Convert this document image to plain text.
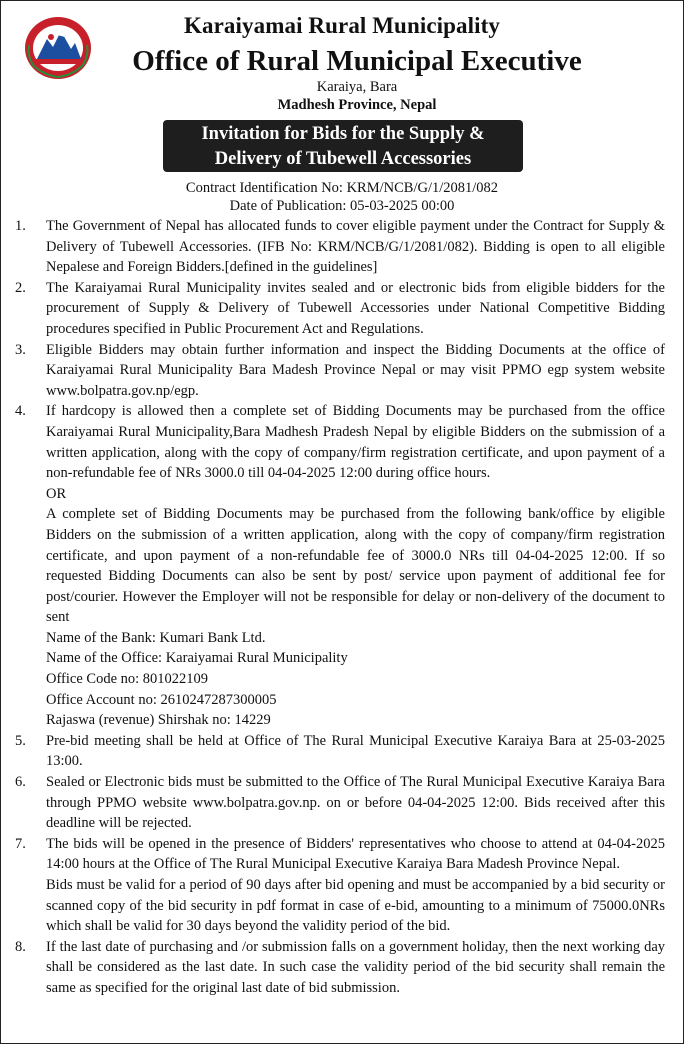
Karaiyamai Rural Municipality
Office of Rural Municipal Executive
Karaiya, Bara
Madhesh Province, Nepal
Invitation for Bids for the Supply &
Delivery of Tubewell Accessories
Contract Identification No: KRM/NCB/G/1/2081/082
Date of Publication: 05-03-2025 00:00
1.	The Government of Nepal has allocated funds to cover eligible payment under the Contract for Supply & Delivery of Tubewell Accessories. (IFB No: KRM/NCB/G/1/2081/082). Bidding is open to all eligible Nepalese and Foreign Bidders.[defined in the guidelines]
2.	The Karaiyamai Rural Municipality invites sealed and or electronic bids from eligible bidders for the procurement of Supply & Delivery of Tubewell Accessories under National Competitive Bidding procedures specified in Public Procurement Act and Regulations.
3.	Eligible Bidders may obtain further information and inspect the Bidding Documents at the office of Karaiyamai Rural Municipality Bara Madesh Province Nepal or may visit PPMO egp system website www.bolpatra.gov.np/egp.
4.	If hardcopy is allowed then a complete set of Bidding Documents may be purchased from the office Karaiyamai Rural Municipality,Bara Madhesh Pradesh Nepal by eligible Bidders on the submission of a written application, along with the copy of company/firm registration certificate, and upon payment of a non-refundable fee of NRs 3000.0 till 04-04-2025 12:00 during office hours.
OR
A complete set of Bidding Documents may be purchased from the following bank/office by eligible Bidders on the submission of a written application, along with the copy of company/firm registration certificate, and upon payment of a non-refundable fee of 3000.0 NRs till 04-04-2025 12:00. If so requested Bidding Documents can also be sent by post/ service upon payment of additional fee for post/courier. However the Employer will not be responsible for delay or non-delivery of the document to sent
Name of the Bank: Kumari Bank Ltd.
Name of the Office: Karaiyamai Rural Municipality
Office Code no: 801022109
Office Account no: 2610247287300005
Rajaswa (revenue) Shirshak no: 14229
5.	Pre-bid meeting shall be held at Office of The Rural Municipal Executive Karaiya Bara at 25-03-2025 13:00.
6.	Sealed or Electronic bids must be submitted to the Office of The Rural Municipal Executive Karaiya Bara through PPMO website www.bolpatra.gov.np. on or before 04-04-2025 12:00. Bids received after this deadline will be rejected.
7.	The bids will be opened in the presence of Bidders' representatives who choose to attend at 04-04-2025 14:00 hours at the Office of The Rural Municipal Executive Karaiya Bara Madesh Province Nepal.
Bids must be valid for a period of 90 days after bid opening and must be accompanied by a bid security or scanned copy of the bid security in pdf format in case of e-bid, amounting to a minimum of 75000.0NRs which shall be valid for 30 days beyond the validity period of the bid.
8.	If the last date of purchasing and /or submission falls on a government holiday, then the next working day shall be considered as the last date. In such case the validity period of the bid security shall remain the same as specified for the original last date of bid submission.
